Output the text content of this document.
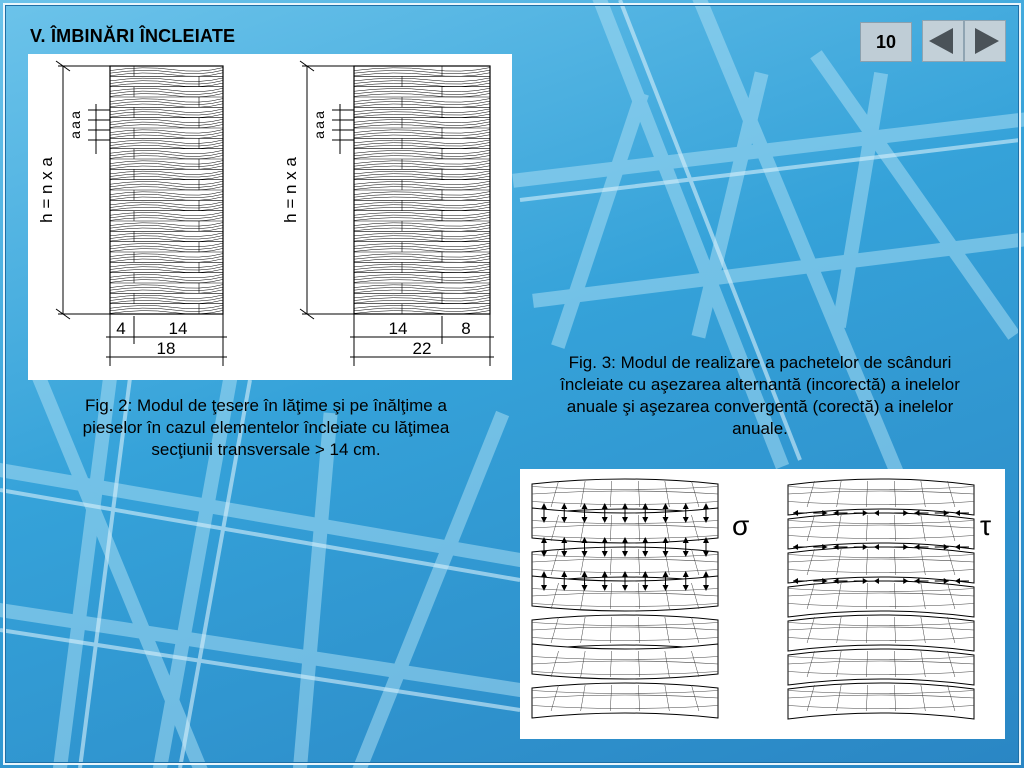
V. ÎMBINĂRI ÎNCLEIATE	10
h = n x a
a
a
a
4	14
18
h = n x a
a
a
a
14	8
22
Fig. 2: Modul de ţesere în lăţime şi pe înălţime a pieselor în cazul elementelor încleiate cu lăţimea secţiunii transversale > 14 cm.
Fig. 3: Modul de realizare a pachetelor de scânduri încleiate cu aşezarea alternantă (incorectă) a inelelor anuale şi aşezarea convergentă (corectă) a inelelor anuale.
σ	τ
